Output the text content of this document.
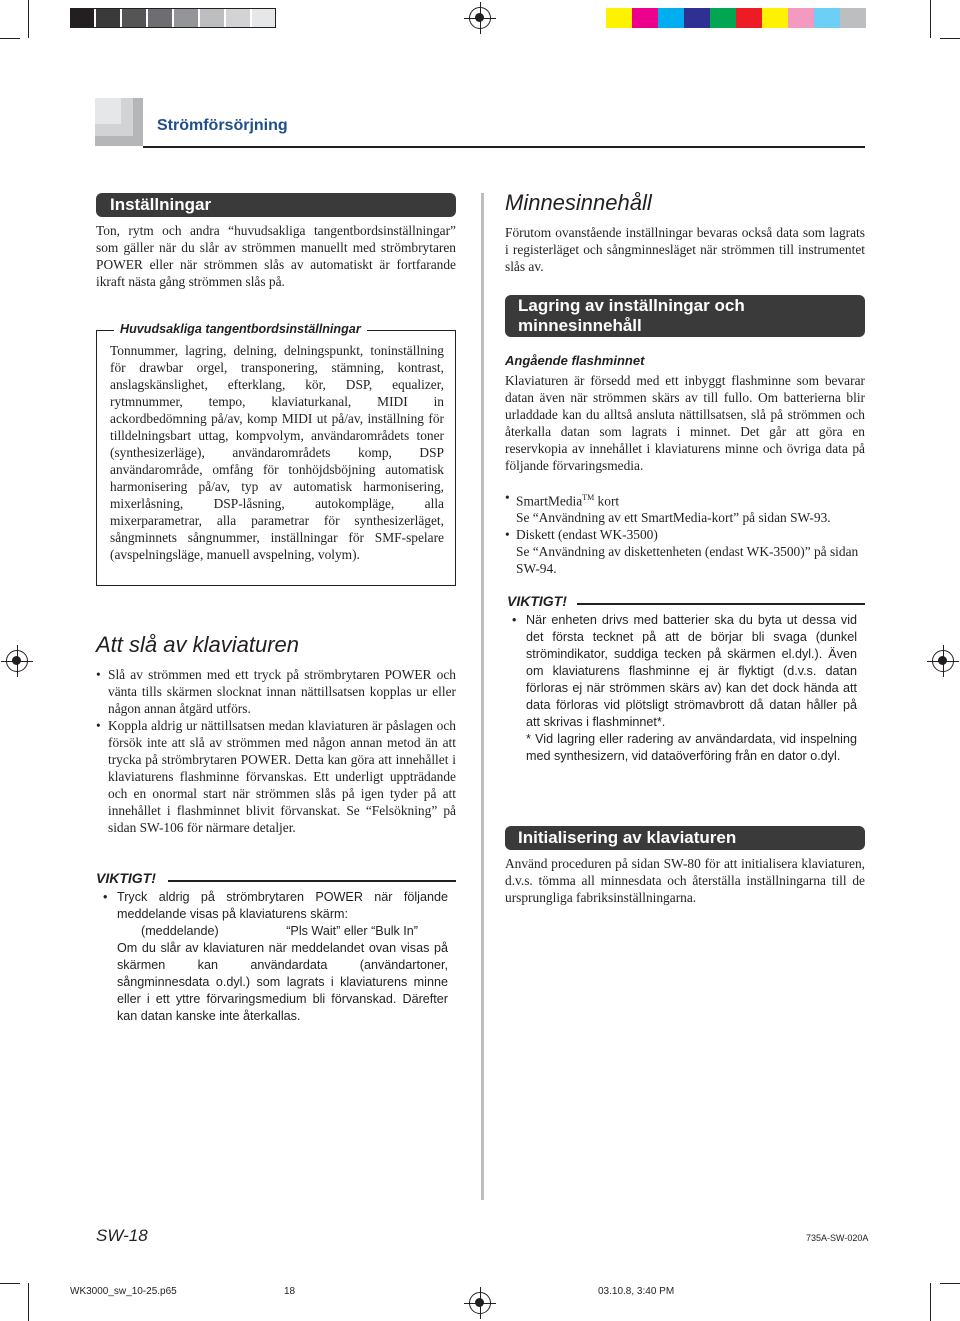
Strömförsörjning
Inställningar
Ton, rytm och andra “huvudsakliga tangentbordsinställningar” som gäller när du slår av strömmen manuellt med strömbrytaren POWER eller när strömmen slås av automatiskt är fortfarande ikraft nästa gång strömmen slås på.
Huvudsakliga tangentbordsinställningar
Tonnummer, lagring, delning, delningspunkt, toninställning för drawbar orgel, transponering, stämning, kontrast, anslagskänslighet, efterklang, kör, DSP, equalizer, rytmnummer, tempo, klaviaturkanal, MIDI in ackordbedömning på/av, komp MIDI ut på/av, inställning för tilldelningsbart uttag, kompvolym, användarområdets toner (synthesizerläge), användarområdets komp, DSP användarområde, omfång för tonhöjdsböjning automatisk harmonisering på/av, typ av automatisk harmonisering, mixerlåsning, DSP-låsning, autokompläge, alla mixerparametrar, alla parametrar för synthesizerläget, sångminnets sångnummer, inställningar för SMF-spelare (avspelningsläge, manuell avspelning, volym).
Att slå av klaviaturen
• Slå av strömmen med ett tryck på strömbrytaren POWER och vänta tills skärmen slocknat innan nättillsatsen kopplas ur eller någon annan åtgärd utförs.
• Koppla aldrig ur nättillsatsen medan klaviaturen är påslagen och försök inte att slå av strömmen med någon annan metod än att trycka på strömbrytaren POWER. Detta kan göra att innehållet i klaviaturens flashminne förvanskas. Ett underligt uppträdande och en onormal start när strömmen slås på igen tyder på att innehållet i flashminnet blivit förvanskat. Se “Felsökning” på sidan SW-106 för närmare detaljer.
VIKTIGT!
• Tryck aldrig på strömbrytaren POWER när följande meddelande visas på klaviaturens skärm:
(meddelande)	“Pls Wait” eller “Bulk In”
Om du slår av klaviaturen när meddelandet ovan visas på skärmen kan användardata (användartoner, sångminnesdata o.dyl.) som lagrats i klaviaturens minne eller i ett yttre förvaringsmedium bli förvanskad. Därefter kan datan kanske inte återkallas.
Minnesinnehåll
Förutom ovanstående inställningar bevaras också data som lagrats i registerläget och sångminnesläget när strömmen till instrumentet slås av.
Lagring av inställningar och
minnesinnehåll
Angående flashminnet
Klaviaturen är försedd med ett inbyggt flashminne som bevarar datan även när strömmen skärs av till fullo. Om batterierna blir urladdade kan du alltså ansluta nättillsatsen, slå på strömmen och återkalla datan som lagrats i minnet. Det går att göra en reservkopia av innehållet i klaviaturens minne och övriga data på följande förvaringsmedia.
• SmartMedia™ kort
Se “Användning av ett SmartMedia-kort” på sidan SW-93.
• Diskett (endast WK-3500)
Se “Användning av diskettenheten (endast WK-3500)” på sidan SW-94.
VIKTIGT!
• När enheten drivs med batterier ska du byta ut dessa vid det första tecknet på att de börjar bli svaga (dunkel strömindikator, suddiga tecken på skärmen el.dyl.). Även om klaviaturens flashminne ej är flyktigt (d.v.s. datan förloras ej när strömmen skärs av) kan det dock hända att data förloras vid plötsligt strömavbrott då datan håller på att skrivas i flashminnet*.
* Vid lagring eller radering av användardata, vid inspelning med synthesizern, vid dataöverföring från en dator o.dyl.
Initialisering av klaviaturen
Använd proceduren på sidan SW-80 för att initialisera klaviaturen, d.v.s. tömma all minnesdata och återställa inställningarna till de ursprungliga fabriksinställningarna.
SW-18	735A-SW-020A
WK3000_sw_10-25.p65	18	03.10.8, 3:40 PM
